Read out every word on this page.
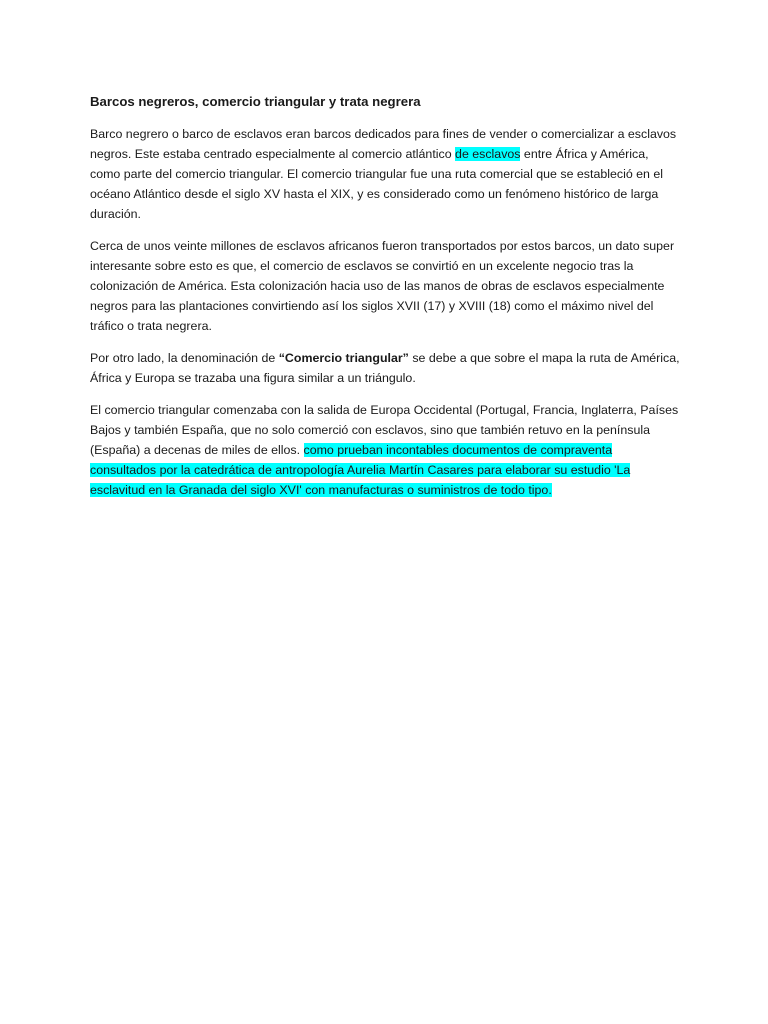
Barcos negreros, comercio triangular y trata negrera

Barco negrero o barco de esclavos eran barcos dedicados para fines de vender o comercializar a esclavos negros. Este estaba centrado especialmente al comercio atlántico de esclavos entre África y América, como parte del comercio triangular. El comercio triangular fue una ruta comercial que se estableció en el océano Atlántico desde el siglo XV hasta el XIX, y es considerado como un fenómeno histórico de larga duración.

Cerca de unos veinte millones de esclavos africanos fueron transportados por estos barcos, un dato super interesante sobre esto es que, el comercio de esclavos se convirtió en un excelente negocio tras la colonización de América. Esta colonización hacia uso de las manos de obras de esclavos especialmente negros para las plantaciones convirtiendo así los siglos XVII (17) y XVIII (18) como el máximo nivel del tráfico o trata negrera.

Por otro lado, la denominación de “Comercio triangular” se debe a que sobre el mapa la ruta de América, África y Europa se trazaba una figura similar a un triángulo.

El comercio triangular comenzaba con la salida de Europa Occidental (Portugal, Francia, Inglaterra, Países Bajos y también España, que no solo comerció con esclavos, sino que también retuvo en la península (España) a decenas de miles de ellos. como prueban incontables documentos de compraventa consultados por la catedrática de antropología Aurelia Martín Casares para elaborar su estudio 'La esclavitud en la Granada del siglo XVI' con manufacturas o suministros de todo tipo.
